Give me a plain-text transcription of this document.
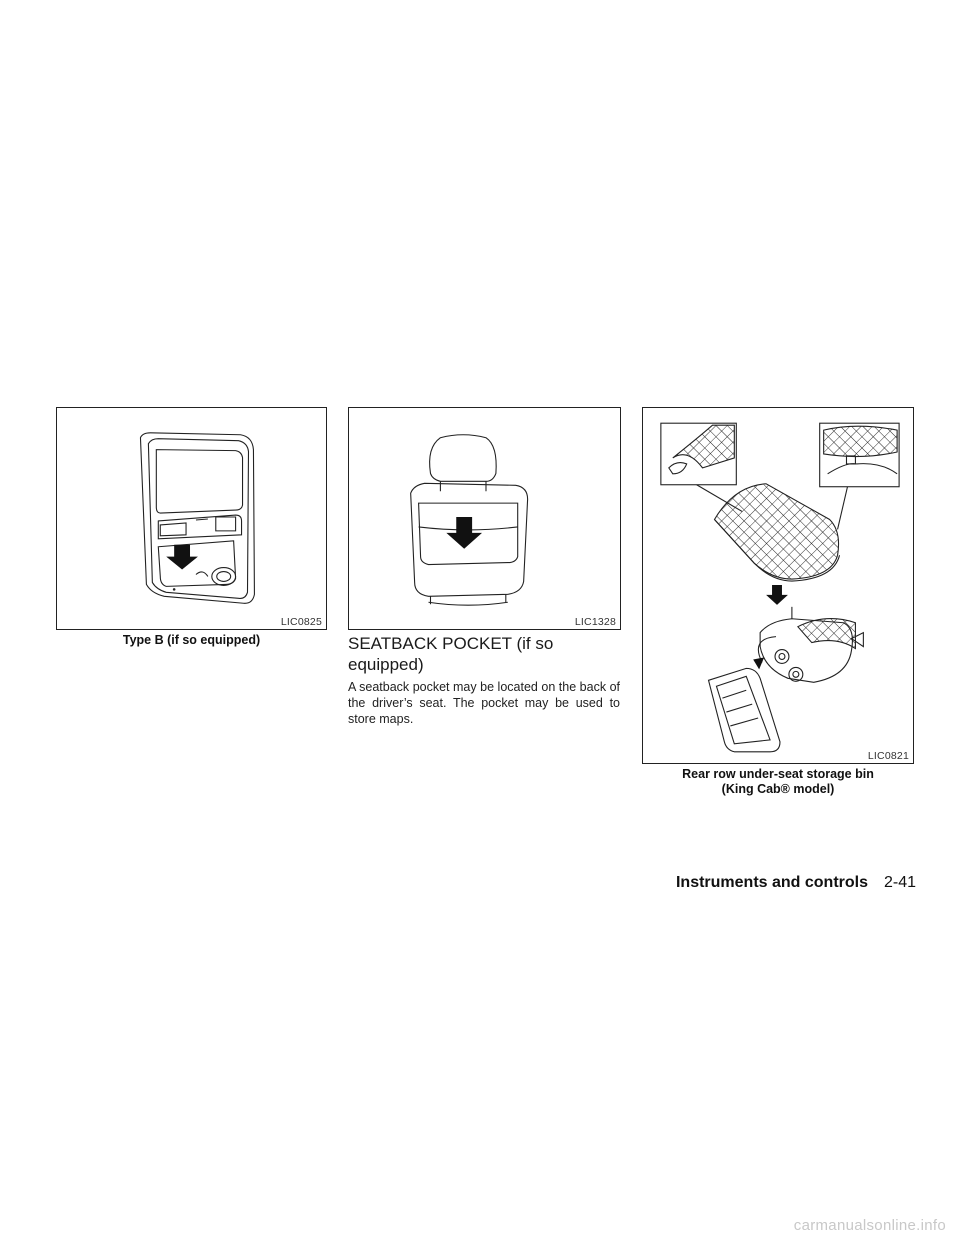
LIC0825
Type B (if so equipped)
LIC1328
SEATBACK POCKET (if so equipped)
A seatback pocket may be located on the back of the driver’s seat. The pocket may be used to store maps.
LIC0821
Rear row under-seat storage bin
(King Cab® model)
Instruments and controls 2-41
carmanualsonline.info
